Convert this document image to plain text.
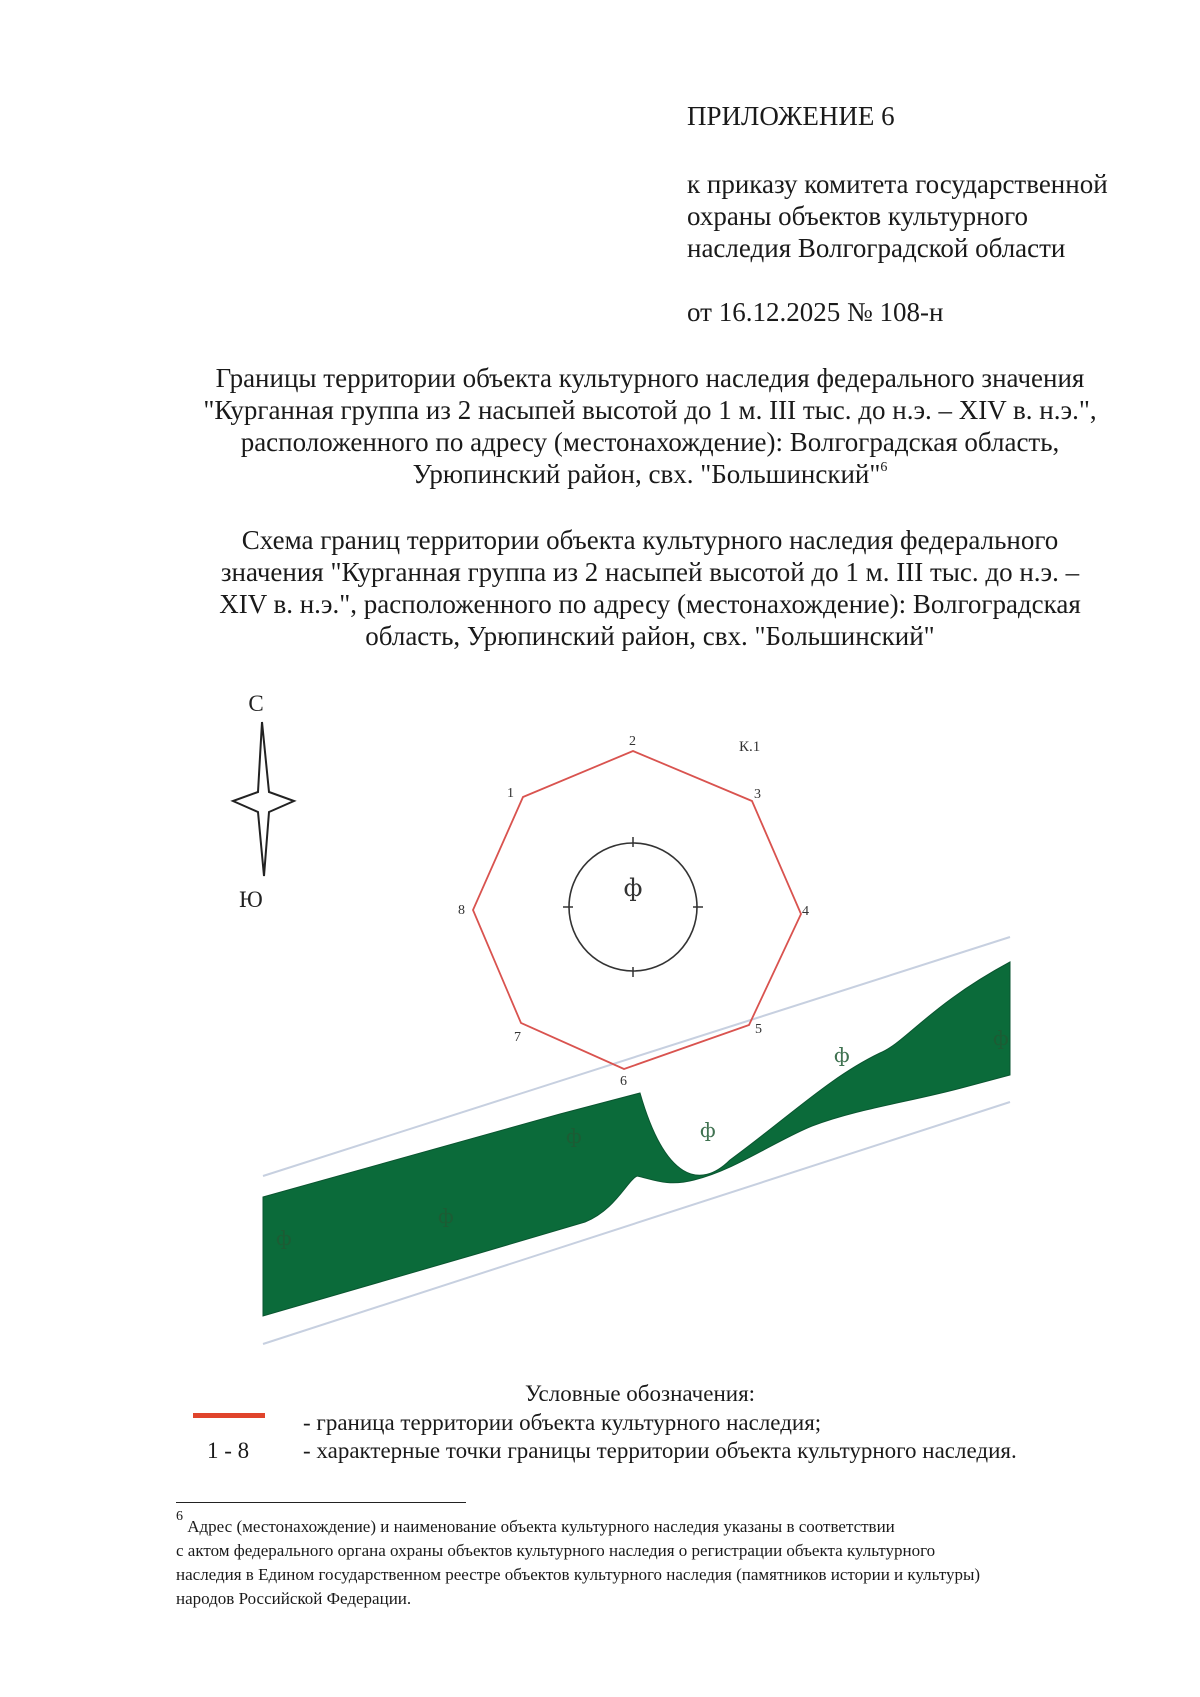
ПРИЛОЖЕНИЕ 6
к приказу комитета государственной
охраны объектов культурного
наследия Волгоградской области
от 16.12.2025 № 108-н
Границы территории объекта культурного наследия федерального значения
"Курганная группа из 2 насыпей высотой до 1 м. III тыс. до н.э. – XIV в. н.э.",
расположенного по адресу (местонахождение): Волгоградская область,
Урюпинский район, свх. "Большинский"$^6$
Схема границ территории объекта культурного наследия федерального
значения "Курганная группа из 2 насыпей высотой до 1 м. III тыс. до н.э. –
XIV в. н.э.", расположенного по адресу (местонахождение): Волгоградская
область, Урюпинский район, свх. "Большинский"
С
Ю
ф
ф
ф	ф
ф
ф
ф
К.1
1
2
3
4
5
6
7
8
Условные обозначения:
- граница территории объекта культурного наследия;
1 - 8 - характерные точки границы территории объекта культурного наследия.
$^6$ Адрес (местонахождение) и наименование объекта культурного наследия указаны в соответствии
с актом федерального органа охраны объектов культурного наследия о регистрации объекта культурного
наследия в Едином государственном реестре объектов культурного наследия (памятников истории и культуры)
народов Российской Федерации.
